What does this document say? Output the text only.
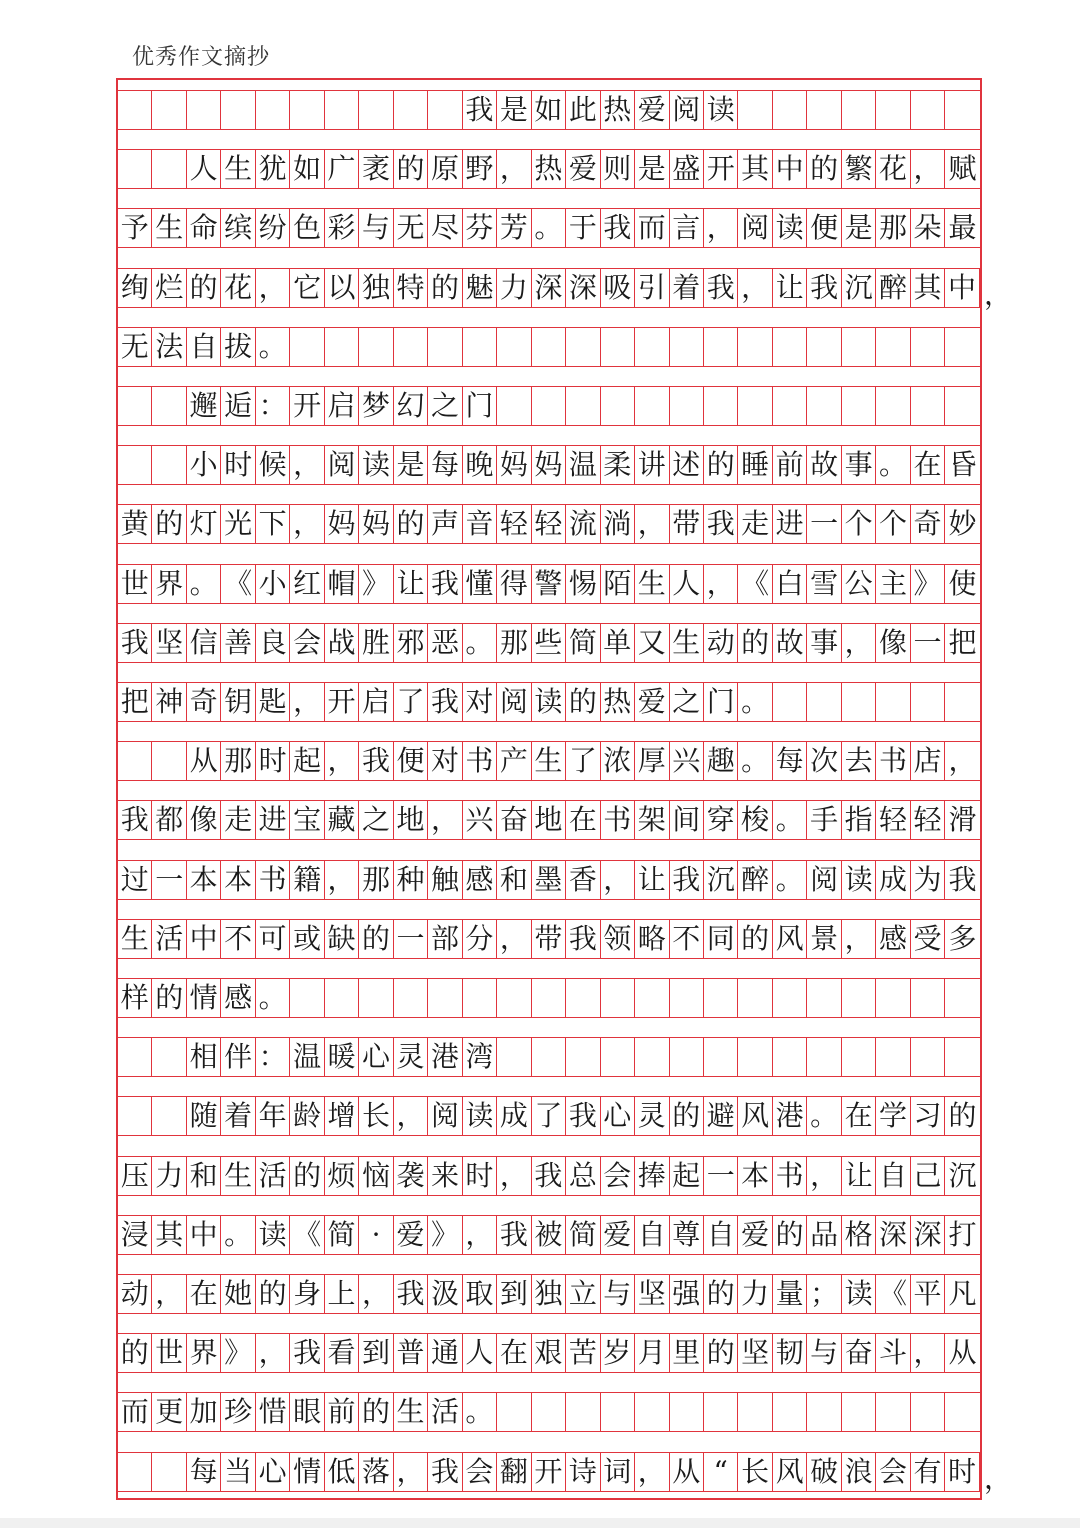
优秀作文摘抄
我 是 如 此 热 爱 阅 读
人 生 犹 如 广 袤 的 原 野 ， 热 爱 则 是 盛 开 其 中 的 繁 花 ， 赋
予 生 命 缤 纷 色 彩 与 无 尽 芬 芳 。 于 我 而 言 ， 阅 读 便 是 那 朵 最
绚 烂 的 花 ， 它 以 独 特 的 魅 力 深 深 吸 引 着 我 ， 让 我 沉 醉 其 中 ，
无 法 自 拔 。
邂 逅 ： 开 启 梦 幻 之 门
小 时 候 ， 阅 读 是 每 晚 妈 妈 温 柔 讲 述 的 睡 前 故 事 。 在 昏
黄 的 灯 光 下 ， 妈 妈 的 声 音 轻 轻 流 淌 ， 带 我 走 进 一 个 个 奇 妙
世 界 。 《 小 红 帽 》 让 我 懂 得 警 惕 陌 生 人 ， 《 白 雪 公 主 》 使
我 坚 信 善 良 会 战 胜 邪 恶 。 那 些 简 单 又 生 动 的 故 事 ， 像 一 把
把 神 奇 钥 匙 ， 开 启 了 我 对 阅 读 的 热 爱 之 门 。
从 那 时 起 ， 我 便 对 书 产 生 了 浓 厚 兴 趣 。 每 次 去 书 店 ，
我 都 像 走 进 宝 藏 之 地 ， 兴 奋 地 在 书 架 间 穿 梭 。 手 指 轻 轻 滑
过 一 本 本 书 籍 ， 那 种 触 感 和 墨 香 ， 让 我 沉 醉 。 阅 读 成 为 我
生 活 中 不 可 或 缺 的 一 部 分 ， 带 我 领 略 不 同 的 风 景 ， 感 受 多
样 的 情 感 。
相 伴 ： 温 暖 心 灵 港 湾
随 着 年 龄 增 长 ， 阅 读 成 了 我 心 灵 的 避 风 港 。 在 学 习 的
压 力 和 生 活 的 烦 恼 袭 来 时 ， 我 总 会 捧 起 一 本 书 ， 让 自 己 沉
浸 其 中 。 读 《 简 · 爱 》 ， 我 被 简 爱 自 尊 自 爱 的 品 格 深 深 打
动 ， 在 她 的 身 上 ， 我 汲 取 到 独 立 与 坚 强 的 力 量 ； 读 《 平 凡
的 世 界 》 ， 我 看 到 普 通 人 在 艰 苦 岁 月 里 的 坚 韧 与 奋 斗 ， 从
而 更 加 珍 惜 眼 前 的 生 活 。
每 当 心 情 低 落 ， 我 会 翻 开 诗 词 ， 从 “ 长 风 破 浪 会 有 时 ，
